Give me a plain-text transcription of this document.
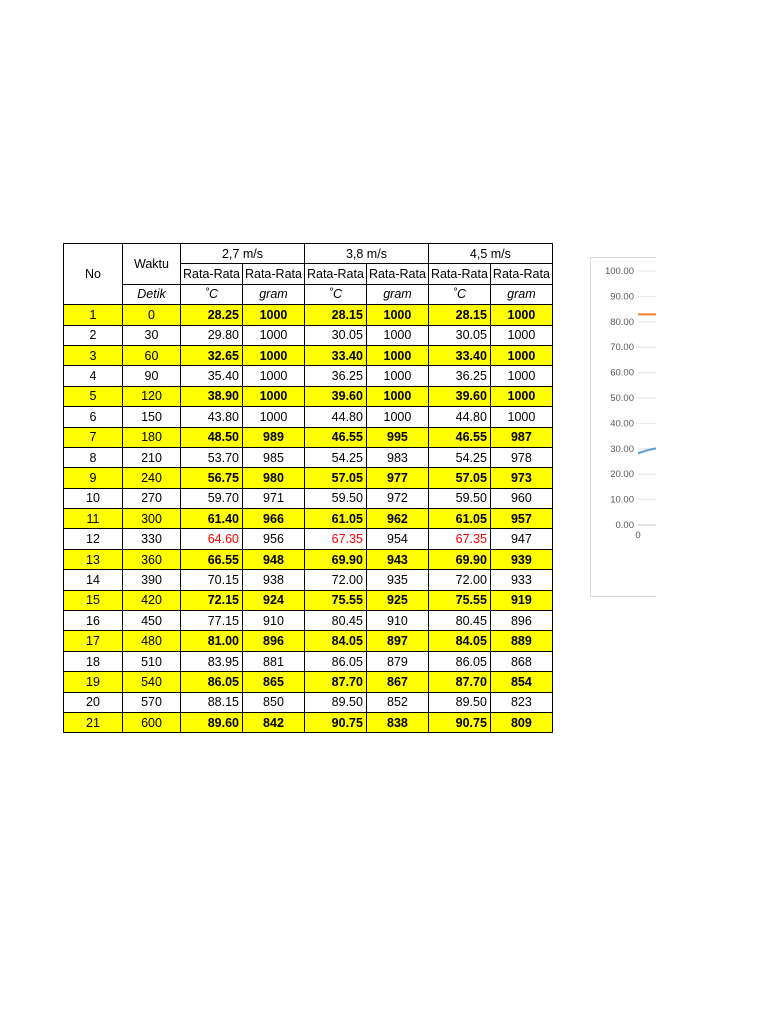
No	Waktu	2,7 m/s		3,8 m/s		4,5 m/s	
		Rata-Rata	Rata-Rata	Rata-Rata	Rata-Rata	Rata-Rata	Rata-Rata
	Detik	˚C	gram	˚C	gram	˚C	gram
1	0	28.25	1000	28.15	1000	28.15	1000
2	30	29.80	1000	30.05	1000	30.05	1000
3	60	32.65	1000	33.40	1000	33.40	1000
4	90	35.40	1000	36.25	1000	36.25	1000
5	120	38.90	1000	39.60	1000	39.60	1000
6	150	43.80	1000	44.80	1000	44.80	1000
7	180	48.50	989	46.55	995	46.55	987
8	210	53.70	985	54.25	983	54.25	978
9	240	56.75	980	57.05	977	57.05	973
10	270	59.70	971	59.50	972	59.50	960
11	300	61.40	966	61.05	962	61.05	957
12	330	64.60	956	67.35	954	67.35	947
13	360	66.55	948	69.90	943	69.90	939
14	390	70.15	938	72.00	935	72.00	933
15	420	72.15	924	75.55	925	75.55	919
16	450	77.15	910	80.45	910	80.45	896
17	480	81.00	896	84.05	897	84.05	889
18	510	83.95	881	86.05	879	86.05	868
19	540	86.05	865	87.70	867	87.70	854
20	570	88.15	850	89.50	852	89.50	823
21	600	89.60	842	90.75	838	90.75	809
100.00
90.00
80.00
70.00
60.00
50.00
40.00
30.00
20.00
10.00
0.00
0
